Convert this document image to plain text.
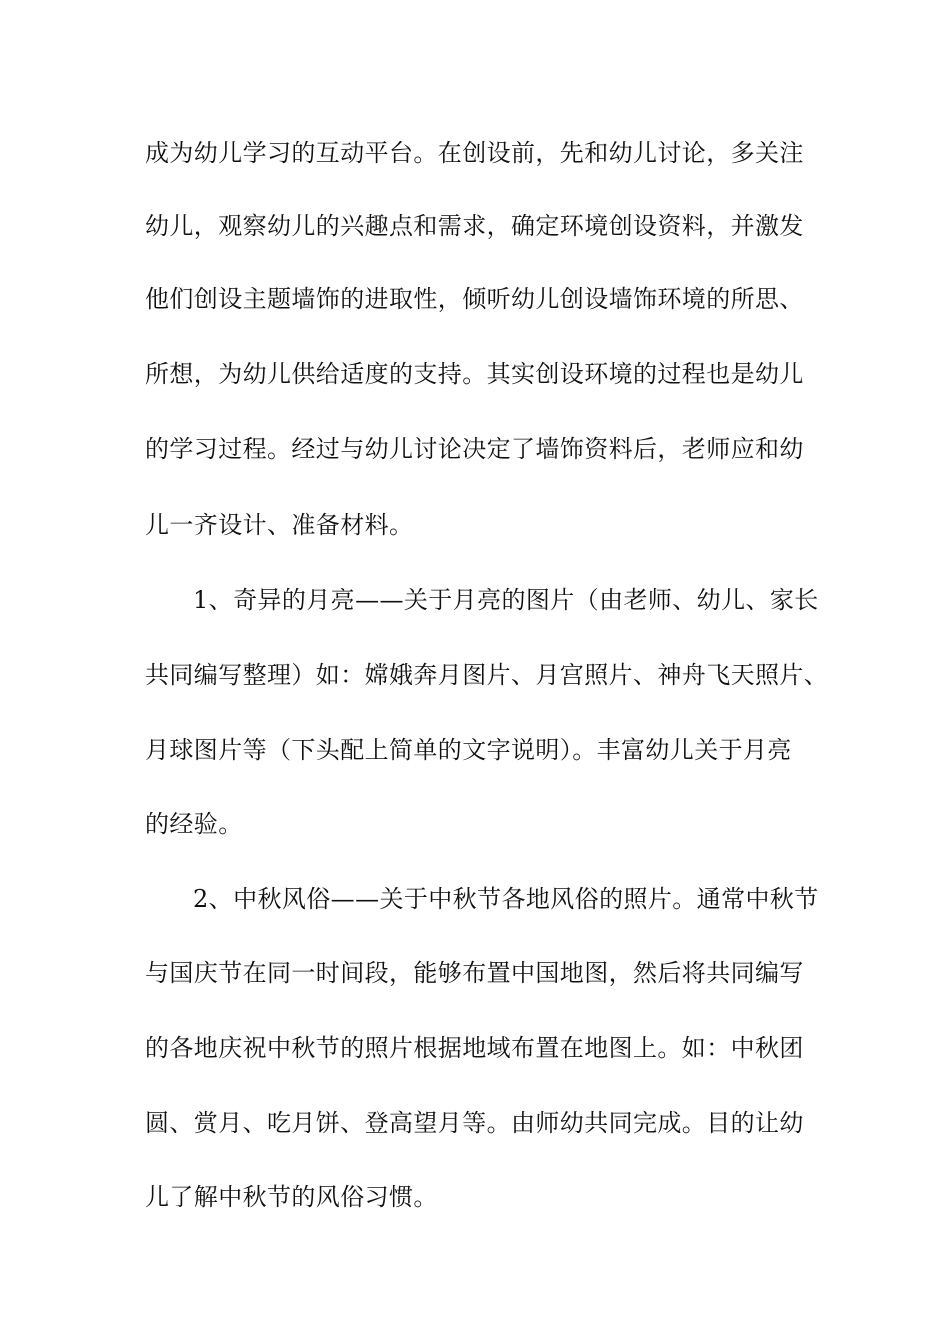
成为幼儿学习的互动平台。在创设前，先和幼儿讨论，多关注
幼儿，观察幼儿的兴趣点和需求，确定环境创设资料，并激发
他们创设主题墙饰的进取性，倾听幼儿创设墙饰环境的所思、
所想，为幼儿供给适度的支持。其实创设环境的过程也是幼儿
的学习过程。经过与幼儿讨论决定了墙饰资料后，老师应和幼
儿一齐设计、准备材料。
1、奇异的月亮——关于月亮的图片（由老师、幼儿、家长
共同编写整理）如：嫦娥奔月图片、月宫照片、神舟飞天照片、
月球图片等（下头配上简单的文字说明）。丰富幼儿关于月亮
的经验。
2、中秋风俗——关于中秋节各地风俗的照片。通常中秋节
与国庆节在同一时间段，能够布置中国地图，然后将共同编写
的各地庆祝中秋节的照片根据地域布置在地图上。如：中秋团
圆、赏月、吃月饼、登高望月等。由师幼共同完成。目的让幼
儿了解中秋节的风俗习惯。
